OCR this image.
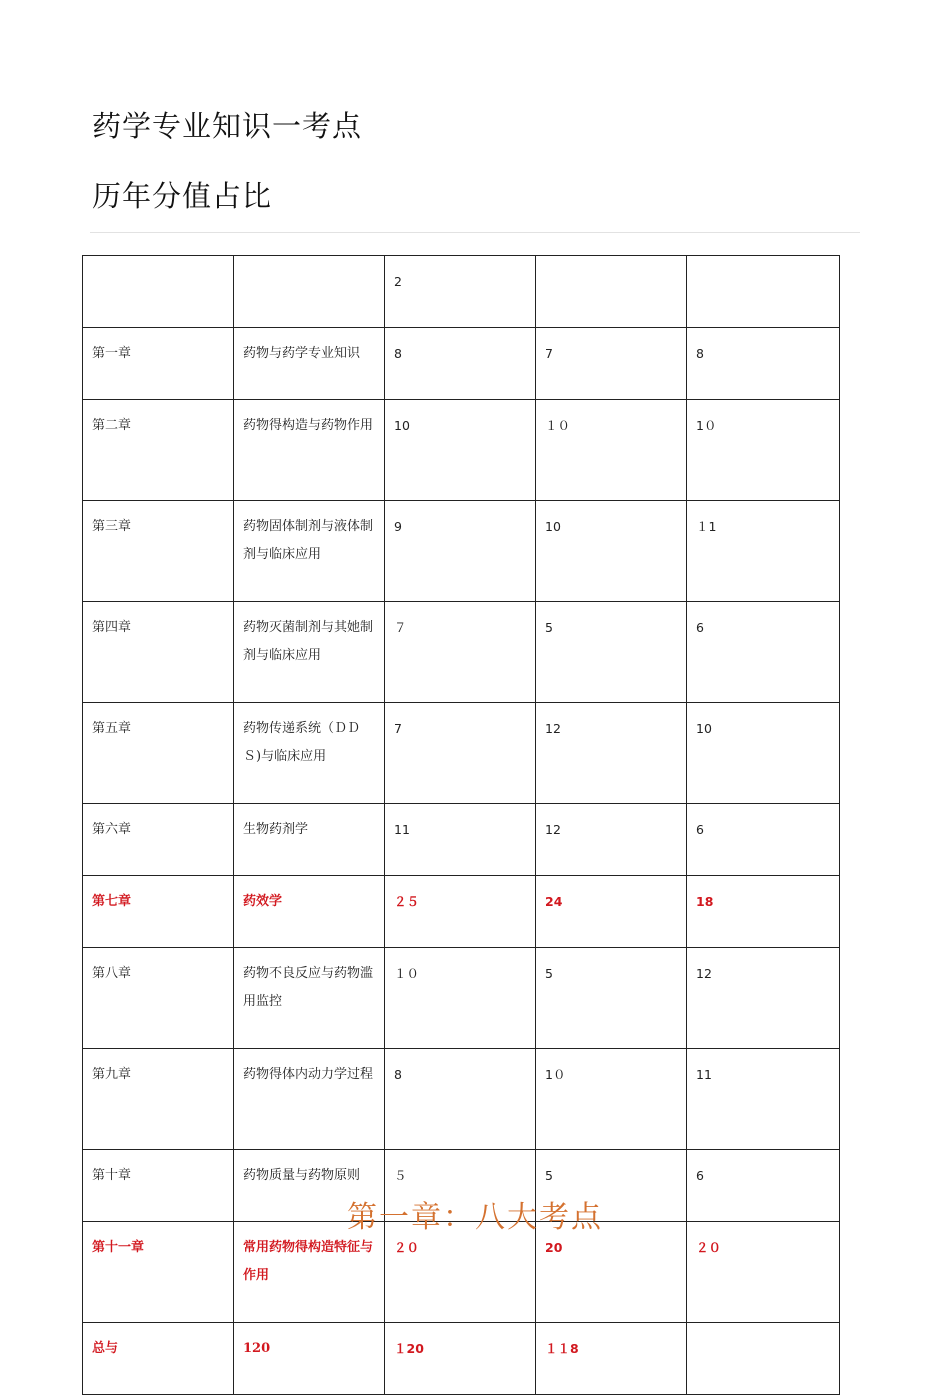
药学专业知识一考点
历年分值占比

		2		

第一章	药物与药学专业知识	8	7	8

第二章	药物得构造与药物作用	10	１０	1０

第三章	药物固体制剂与液体制剂与临床应用	9	10	１1

第四章	药物灭菌制剂与其她制剂与临床应用	７	5	6

第五章	药物传递系统（ＤＤＳ)与临床应用	7	12	10

第六章	生物药剂学	11	12	6

第七章	药效学	２５	24	18

第八章	药物不良反应与药物滥用监控	１０	5	12

第九章	药物得体内动力学过程	8	1０	11

第十章	药物质量与药物原则	５	5	6

第十一章	常用药物得构造特征与作用	２０	20	２０

总与	120	１20	１１8	

第一章：八大考点
